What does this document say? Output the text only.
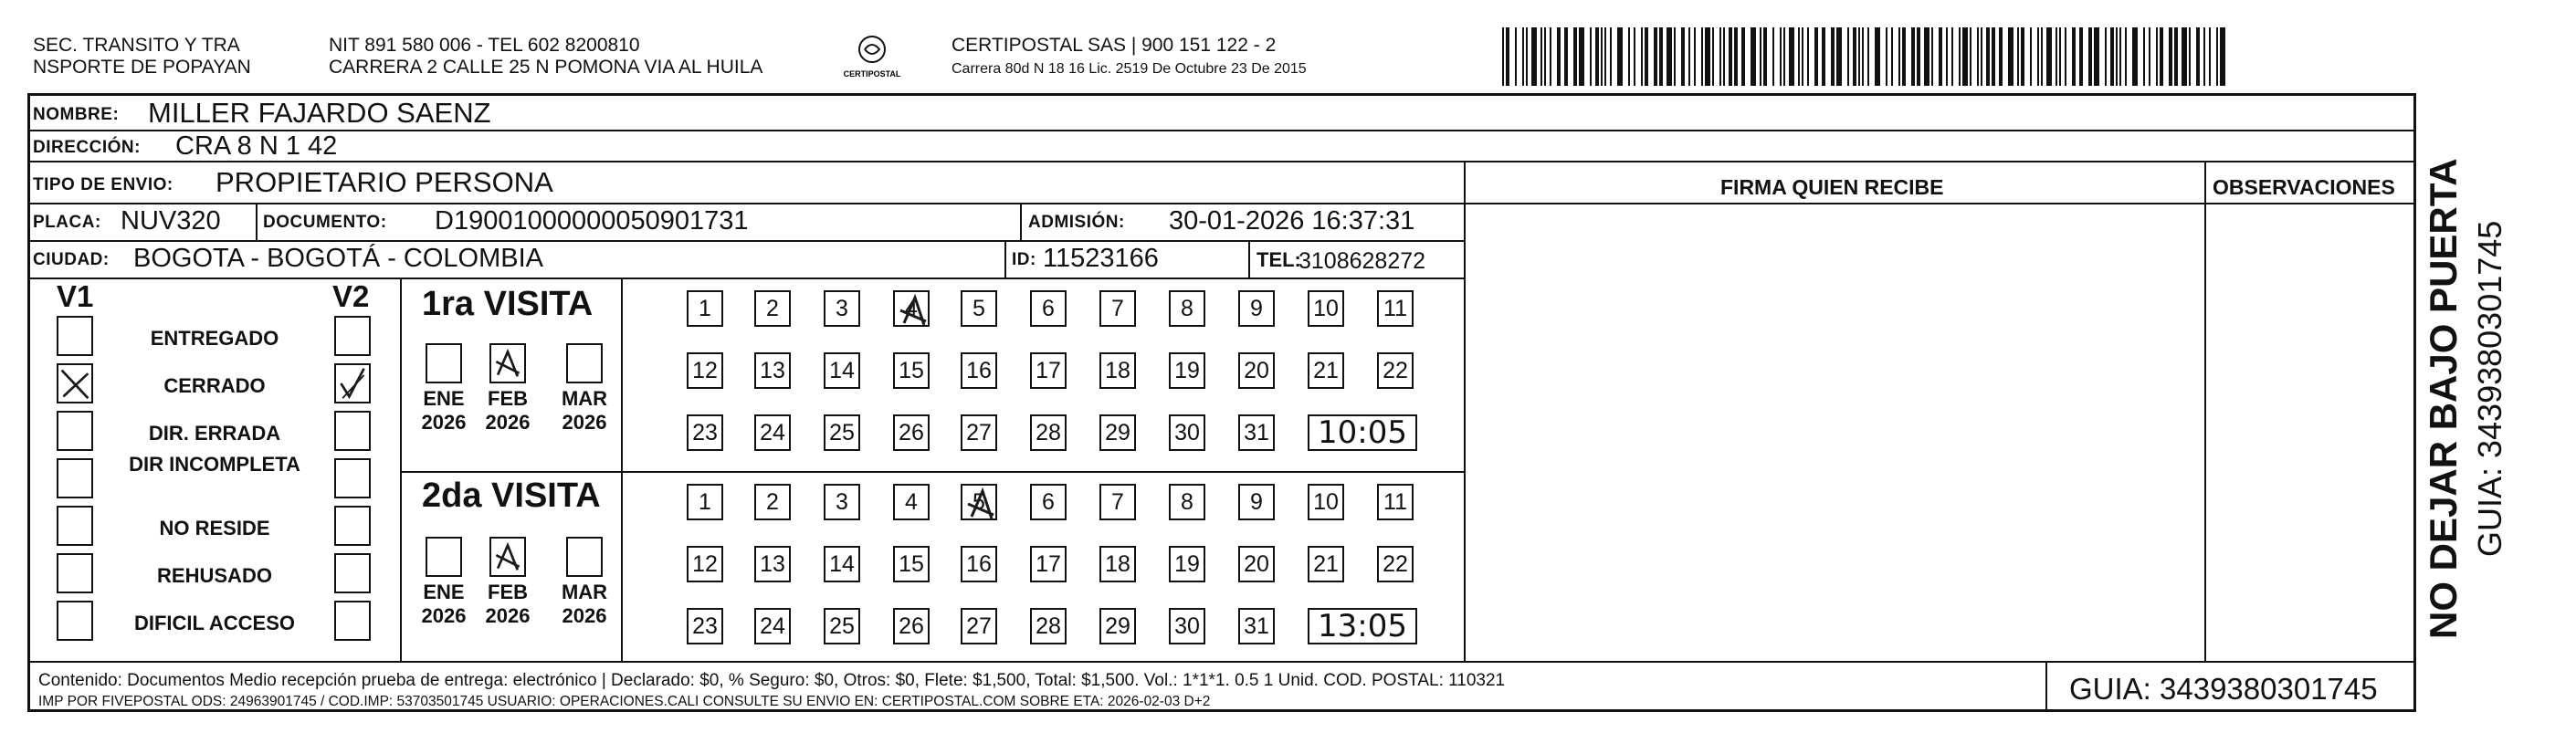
SEC. TRANSITO Y TRA
NSPORTE DE POPAYAN
NIT 891 580 006 - TEL 602 8200810
CARRERA 2 CALLE 25 N POMONA VIA AL HUILA	CERTIPOSTAL
CERTIPOSTAL SAS | 900 151 122 - 2
Carrera 80d N 18 16 Lic. 2519 De Octubre 23 De 2015
NOMBRE: MILLER FAJARDO SAENZ
DIRECCIÓN: CRA 8 N 1 42
TIPO DE ENVIO: PROPIETARIO PERSONA	FIRMA QUIEN RECIBE	OBSERVACIONES
PLACA: NUV320 DOCUMENTO: D19001000000050901731	ADMISIÓN: 30-01-2026 16:37:31
CIUDAD: BOGOTA - BOGOTÁ - COLOMBIA	ID: 11523166	TEL:
3108628272
V1	V2
ENTREGADO
CERRADO
DIR. ERRADA
DIR INCOMPLETA
NO RESIDE
REHUSADO
DIFICIL ACCESO
1ra VISITA
2da VISITA
ENE
2026
FEB
2026
MAR
2026
1	2	3	4	5	6	7	8	9	10 11
12 13 14 15 16 17 18 19 20 21 22
23 24 25 26 27 28 29 30 31	10:05
ENE
2026
FEB
2026
MAR
2026
1	2	3	4	5	6	7	8	9	10 11
12 13 14 15 16 17 18 19 20 21 22
23 24 25 26 27 28 29 30 31	13:05
Contenido: Documentos Medio recepción prueba de entrega: electrónico | Declarado: $0, % Seguro: $0, Otros: $0, Flete: $1,500, Total: $1,500. Vol.: 1*1*1. 0.5 1 Unid. COD. POSTAL: 110321
IMP POR FIVEPOSTAL ODS: 24963901745 / COD.IMP: 53703501745 USUARIO: OPERACIONES.CALI CONSULTE SU ENVIO EN: CERTIPOSTAL.COM SOBRE ETA: 2026-02-03 D+2	GUIA: 3439380301745
NO DEJAR BAJO PUERTA GUIA: 3439380301745
